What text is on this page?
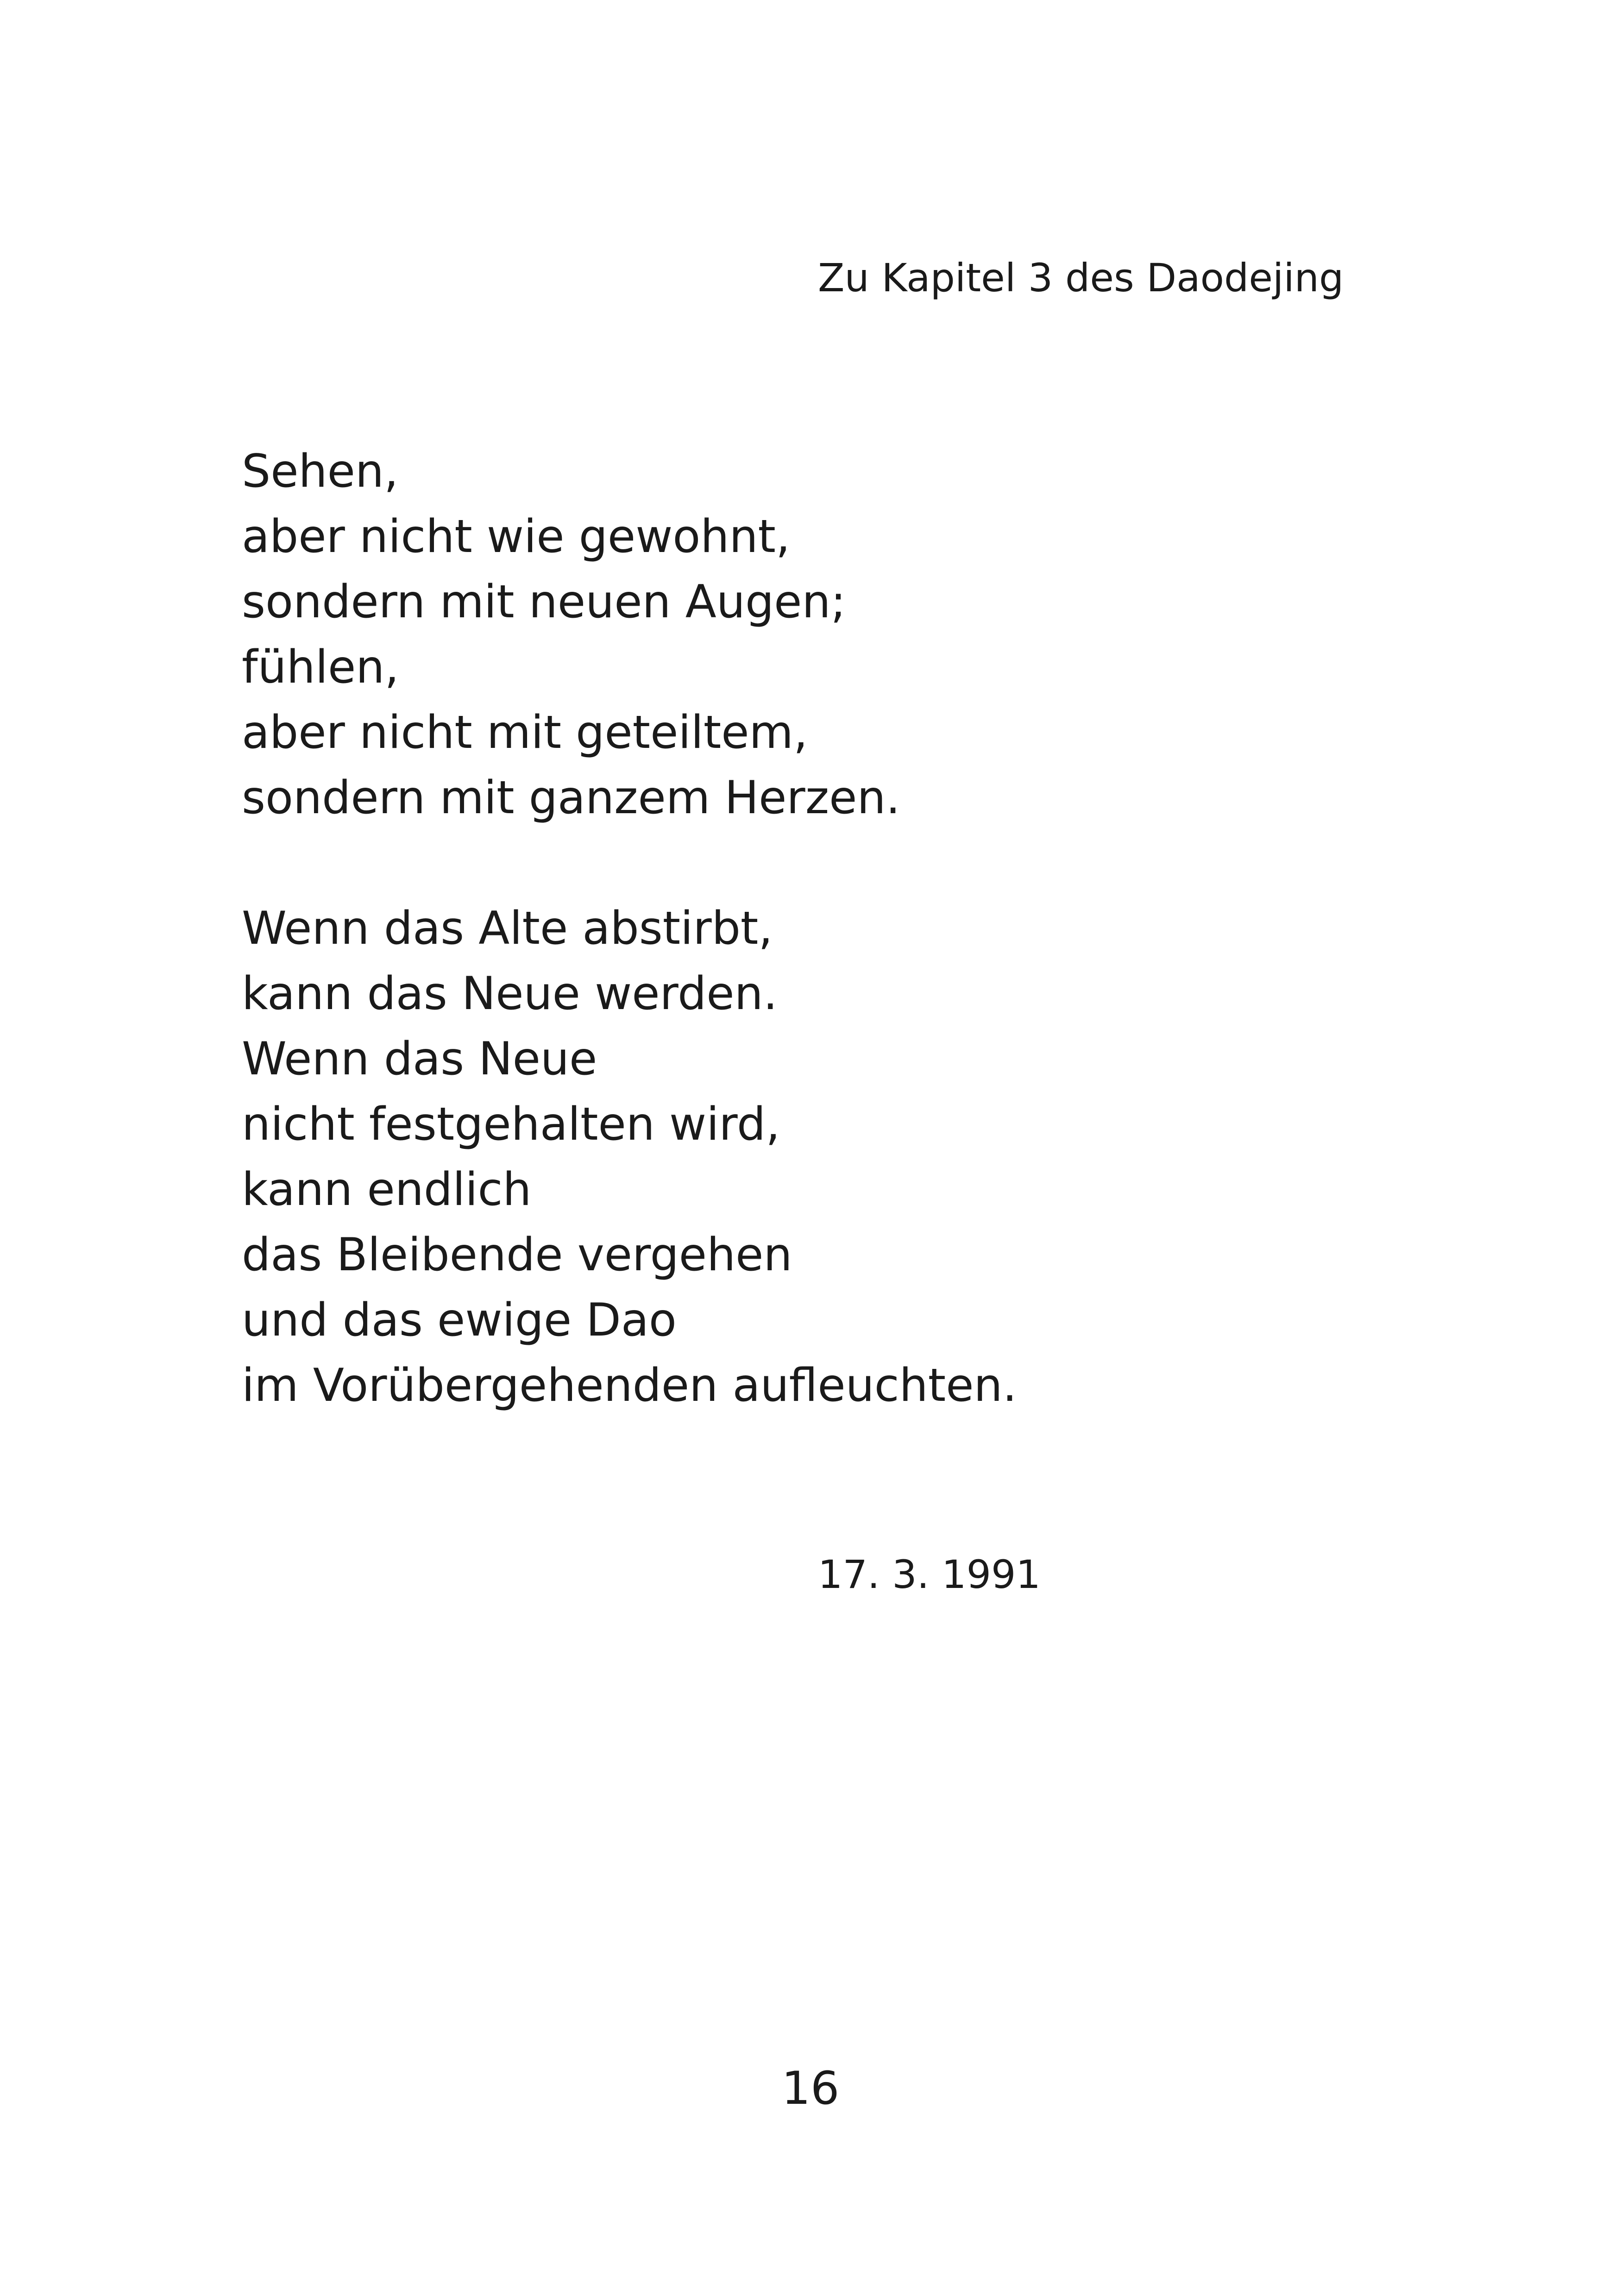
Zu Kapitel 3 des Daodejing

Sehen,
aber nicht wie gewohnt,
sondern mit neuen Augen;
fühlen,
aber nicht mit geteiltem,
sondern mit ganzem Herzen.

Wenn das Alte abstirbt,
kann das Neue werden.
Wenn das Neue
nicht festgehalten wird,
kann endlich
das Bleibende vergehen
und das ewige Dao
im Vorübergehenden aufleuchten.

17. 3. 1991
16
